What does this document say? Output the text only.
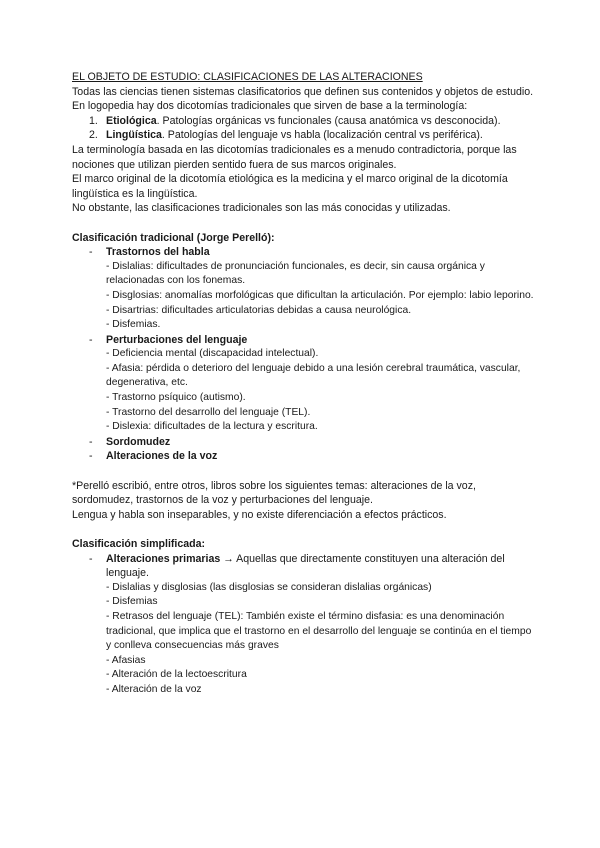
EL OBJETO DE ESTUDIO: CLASIFICACIONES DE LAS ALTERACIONES

Todas las ciencias tienen sistemas clasificatorios que definen sus contenidos y objetos de estudio. En logopedia hay dos dicotomías tradicionales que sirven de base a la terminología:

1. Etiológica. Patologías orgánicas vs funcionales (causa anatómica vs desconocida).
2. Lingüística. Patologías del lenguaje vs habla (localización central vs periférica).

La terminología basada en las dicotomías tradicionales es a menudo contradictoria, porque las nociones que utilizan pierden sentido fuera de sus marcos originales.

El marco original de la dicotomía etiológica es la medicina y el marco original de la dicotomía lingüística es la lingüística.

No obstante, las clasificaciones tradicionales son las más conocidas y utilizadas.

Clasificación tradicional (Jorge Perelló):

-	Trastornos del habla

- Dislalias: dificultades de pronunciación funcionales, es decir, sin causa orgánica y relacionadas con los fonemas.

- Disglosias: anomalías morfológicas que dificultan la articulación. Por ejemplo: labio leporino.

- Disartrias: dificultades articulatorias debidas a causa neurológica.

- Disfemias.

-	Perturbaciones del lenguaje

- Deficiencia mental (discapacidad intelectual).

- Afasia: pérdida o deterioro del lenguaje debido a una lesión cerebral traumática, vascular, degenerativa, etc.

- Trastorno psíquico (autismo).

- Trastorno del desarrollo del lenguaje (TEL).

- Dislexia: dificultades de la lectura y escritura.

-	Sordomudez
-	Alteraciones de la voz

*Perelló escribió, entre otros, libros sobre los siguientes temas: alteraciones de la voz, sordomudez, trastornos de la voz y perturbaciones del lenguaje.

Lengua y habla son inseparables, y no existe diferenciación a efectos prácticos.

Clasificación simplificada:

-	Alteraciones primarias → Aquellas que directamente constituyen una alteración del lenguaje.

- Dislalias y disglosias (las disglosias se consideran dislalias orgánicas)

- Disfemias

- Retrasos del lenguaje (TEL): También existe el término disfasia: es una denominación tradicional, que implica que el trastorno en el desarrollo del lenguaje se continúa en el tiempo y conlleva consecuencias más graves

- Afasias

- Alteración de la lectoescritura

- Alteración de la voz
